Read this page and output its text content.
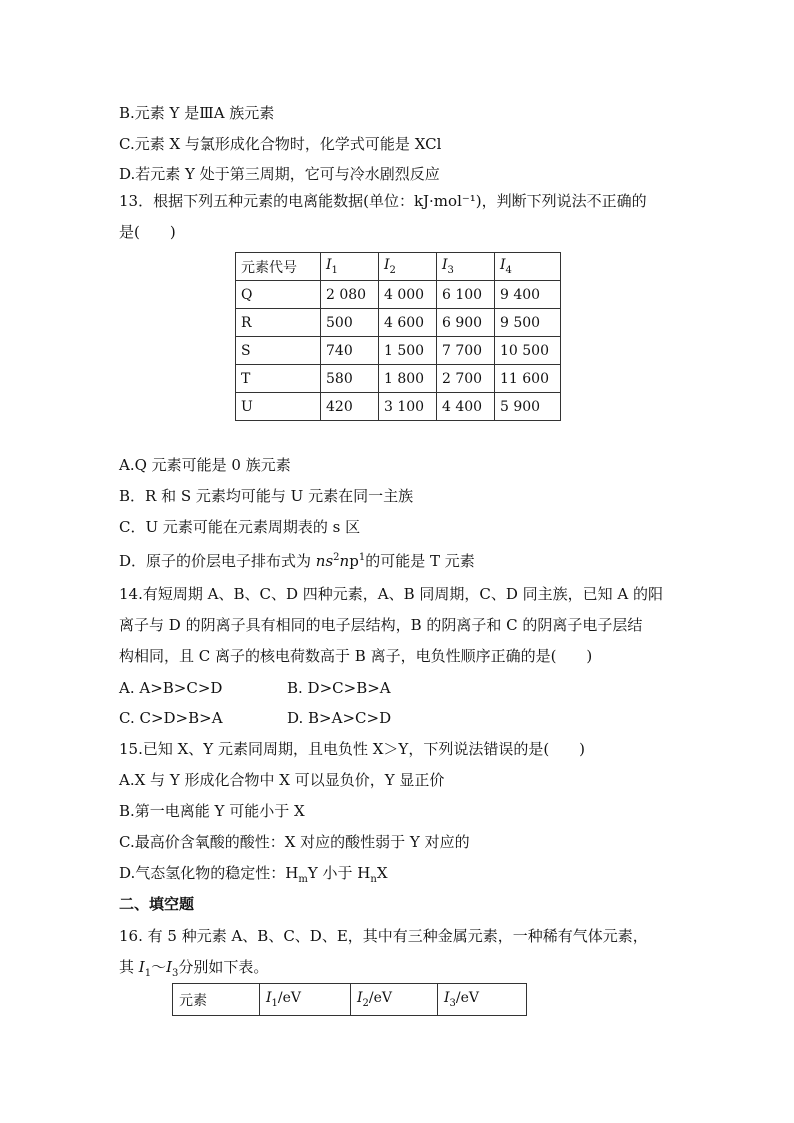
B.元素 Y 是ⅢA 族元素
C.元素 X 与氯形成化合物时，化学式可能是 XCl
D.若元素 Y 处于第三周期，它可与冷水剧烈反应
13．根据下列五种元素的电离能数据(单位：kJ·mol⁻¹)，判断下列说法不正确的
是(　　)
元素代号	$I_1$	$I_2$	$I_3$	$I_4$
Q	2 080	4 000	6 100	9 400
R	500	4 600	6 900	9 500
S	740	1 500	7 700	10 500
T	580	1 800	2 700	11 600
U	420	3 100	4 400	5 900
A.Q 元素可能是 0 族元素
B．R 和 S 元素均可能与 U 元素在同一主族
C．U 元素可能在元素周期表的 s 区
D．原子的价层电子排布式为 $ns^2np^1$的可能是 T 元素
14.有短周期 A、B、C、D 四种元素，A、B 同周期，C、D 同主族，已知 A 的阳
离子与 D 的阴离子具有相同的电子层结构，B 的阴离子和 C 的阴离子电子层结
构相同，且 C 离子的核电荷数高于 B 离子，电负性顺序正确的是(　　)
A. A>B>C>D	B. D>C>B>A
C. C>D>B>A	D. B>A>C>D
15.已知 X、Y 元素同周期，且电负性 X＞Y，下列说法错误的是(　　)
A.X 与 Y 形成化合物中 X 可以显负价，Y 显正价
B.第一电离能 Y 可能小于 X
C.最高价含氧酸的酸性：X 对应的酸性弱于 Y 对应的
D.气态氢化物的稳定性：$H_mY$ 小于 $H_nX$
二、填空题
16. 有 5 种元素 A、B、C、D、E，其中有三种金属元素，一种稀有气体元素，
其 $I_1\sim I_3$分别如下表。
元素	$I_1/eV$	$I_2/eV$	$I_3/eV$
